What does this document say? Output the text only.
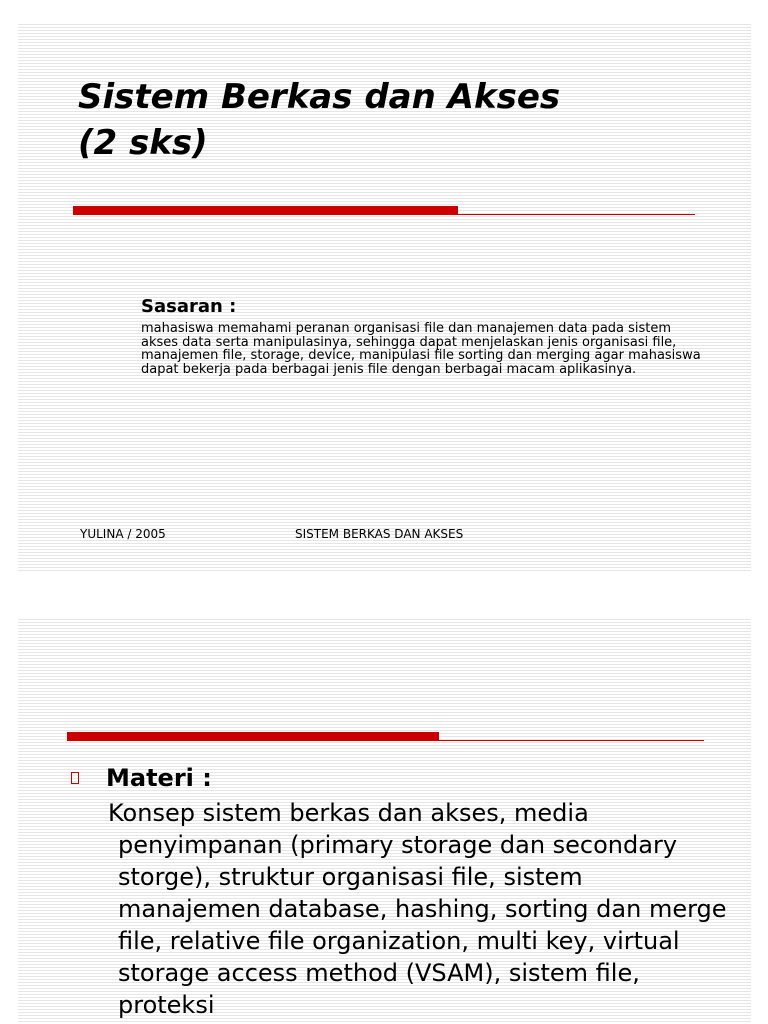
Sistem Berkas dan Akses
(2 sks)
Sasaran :
mahasiswa memahami peranan organisasi file dan manajemen data pada sistem akses data serta manipulasinya, sehingga dapat menjelaskan jenis organisasi file, manajemen file, storage, device, manipulasi file sorting dan merging agar mahasiswa dapat bekerja pada berbagai jenis file dengan berbagai macam aplikasinya.
YULINA / 2005	SISTEM BERKAS DAN AKSES
Materi :
Konsep sistem berkas dan akses, media penyimpanan (primary storage dan secondary storge), struktur organisasi file, sistem manajemen database, hashing, sorting dan merge file, relative file organization, multi key, virtual storage access method (VSAM), sistem file, proteksi
